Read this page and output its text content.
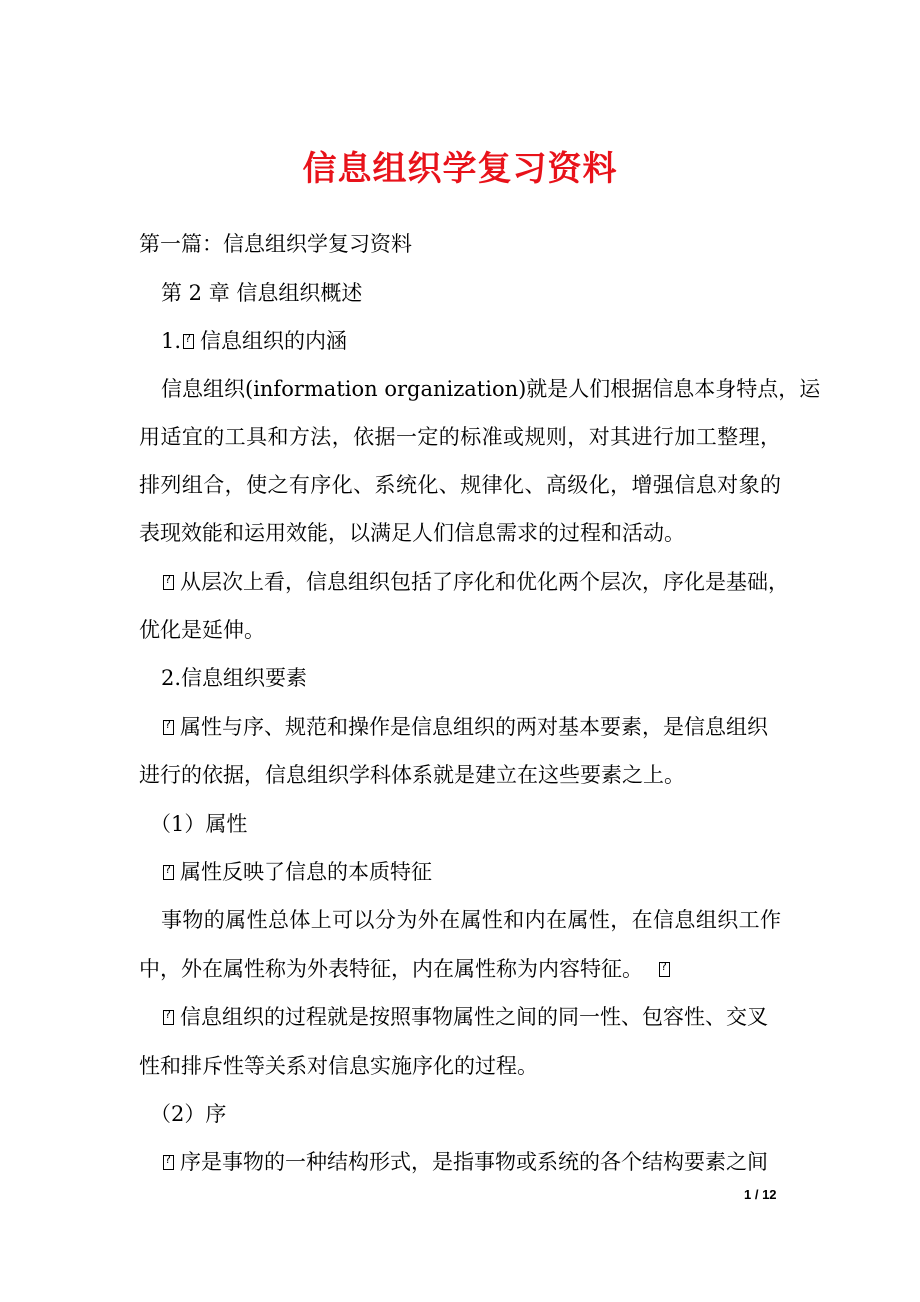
信息组织学复习资料
第一篇：信息组织学复习资料
第 2 章 信息组织概述
1.? 信息组织的内涵
信息组织(information organization)就是人们根据信息本身特点，运
用适宜的工具和方法，依据一定的标准或规则，对其进行加工整理，
排列组合，使之有序化、系统化、规律化、高级化，增强信息对象的
表现效能和运用效能，以满足人们信息需求的过程和活动。
?从层次上看，信息组织包括了序化和优化两个层次，序化是基础，
优化是延伸。
2.信息组织要素
?属性与序、规范和操作是信息组织的两对基本要素，是信息组织
进行的依据，信息组织学科体系就是建立在这些要素之上。
（1）属性
?属性反映了信息的本质特征
事物的属性总体上可以分为外在属性和内在属性，在信息组织工作
中，外在属性称为外表特征，内在属性称为内容特征。?
?信息组织的过程就是按照事物属性之间的同一性、包容性、交叉
性和排斥性等关系对信息实施序化的过程。
（2）序
?序是事物的一种结构形式，是指事物或系统的各个结构要素之间
1 / 12
